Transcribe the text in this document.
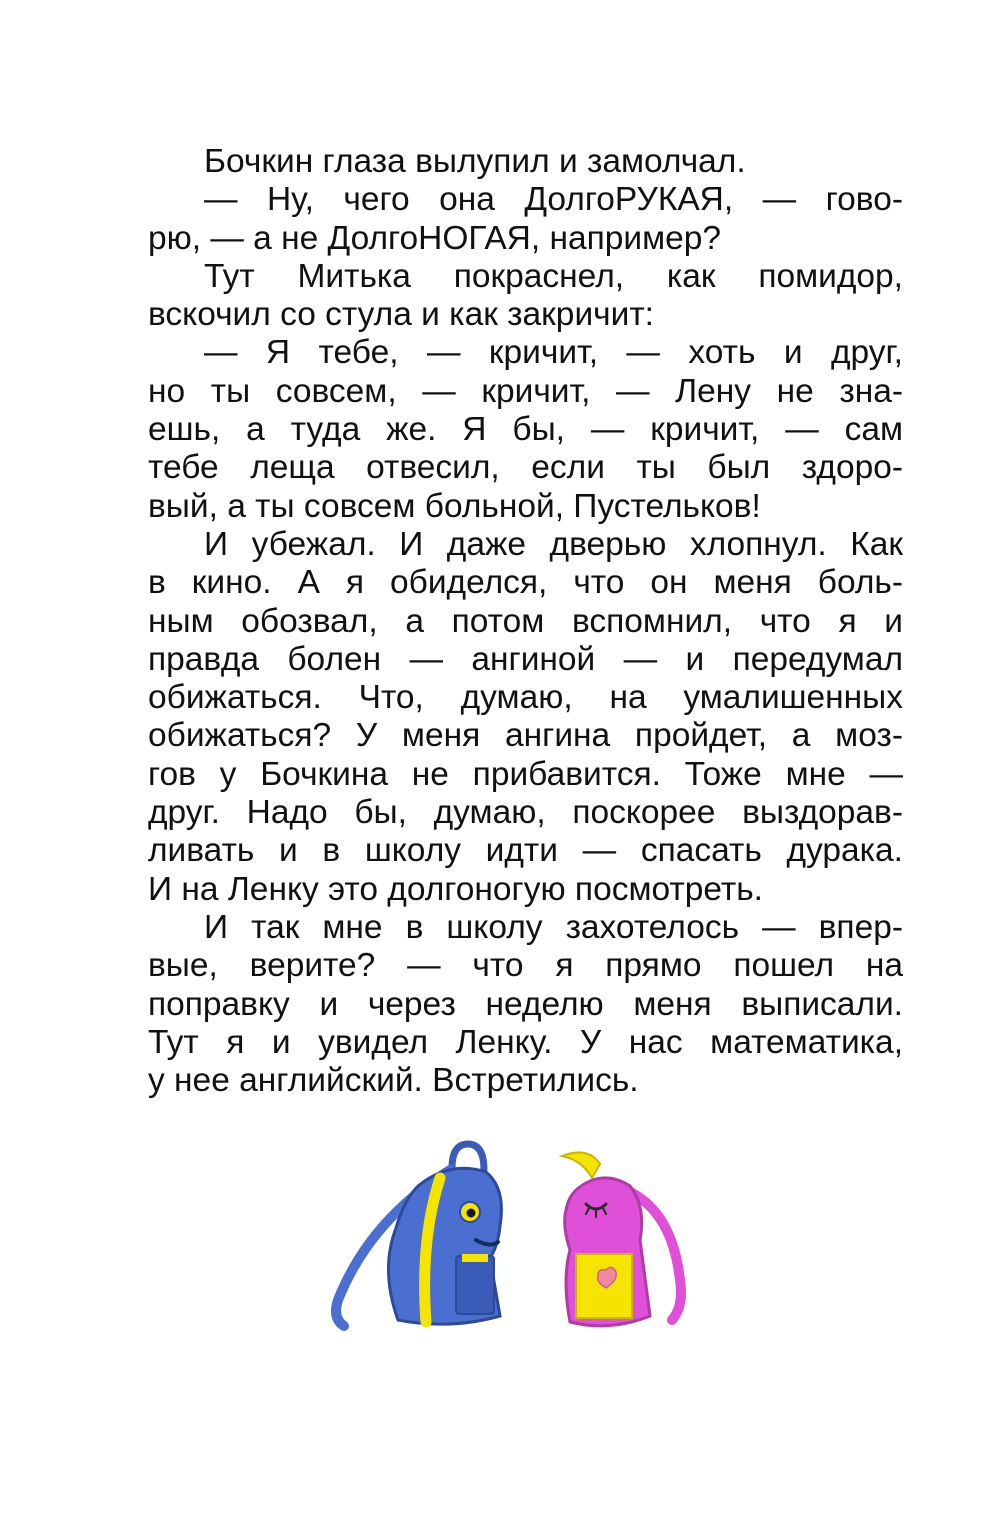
Бочкин глаза вылупил и замолчал.
— Ну, чего она ДолгоРУКАЯ, — гово-
рю, — а не ДолгоНОГАЯ, например?
Тут Митька покраснел, как помидор,
вскочил со стула и как закричит:
— Я тебе, — кричит, — хоть и друг,
но ты совсем, — кричит, — Лену не зна-
ешь, а туда же. Я бы, — кричит, — сам
тебе леща отвесил, если ты был здоро-
вый, а ты совсем больной, Пустельков!
И убежал. И даже дверью хлопнул. Как
в кино. А я обиделся, что он меня боль-
ным обозвал, а потом вспомнил, что я и
правда болен — ангиной — и передумал
обижаться. Что, думаю, на умалишенных
обижаться? У меня ангина пройдет, а моз-
гов у Бочкина не прибавится. Тоже мне —
друг. Надо бы, думаю, поскорее выздорав-
ливать и в школу идти — спасать дурака.
И на Ленку это долгоногую посмотреть.
И так мне в школу захотелось — впер-
вые, верите? — что я прямо пошел на
поправку и через неделю меня выписали.
Тут я и увидел Ленку. У нас математика,
у нее английский. Встретились.
